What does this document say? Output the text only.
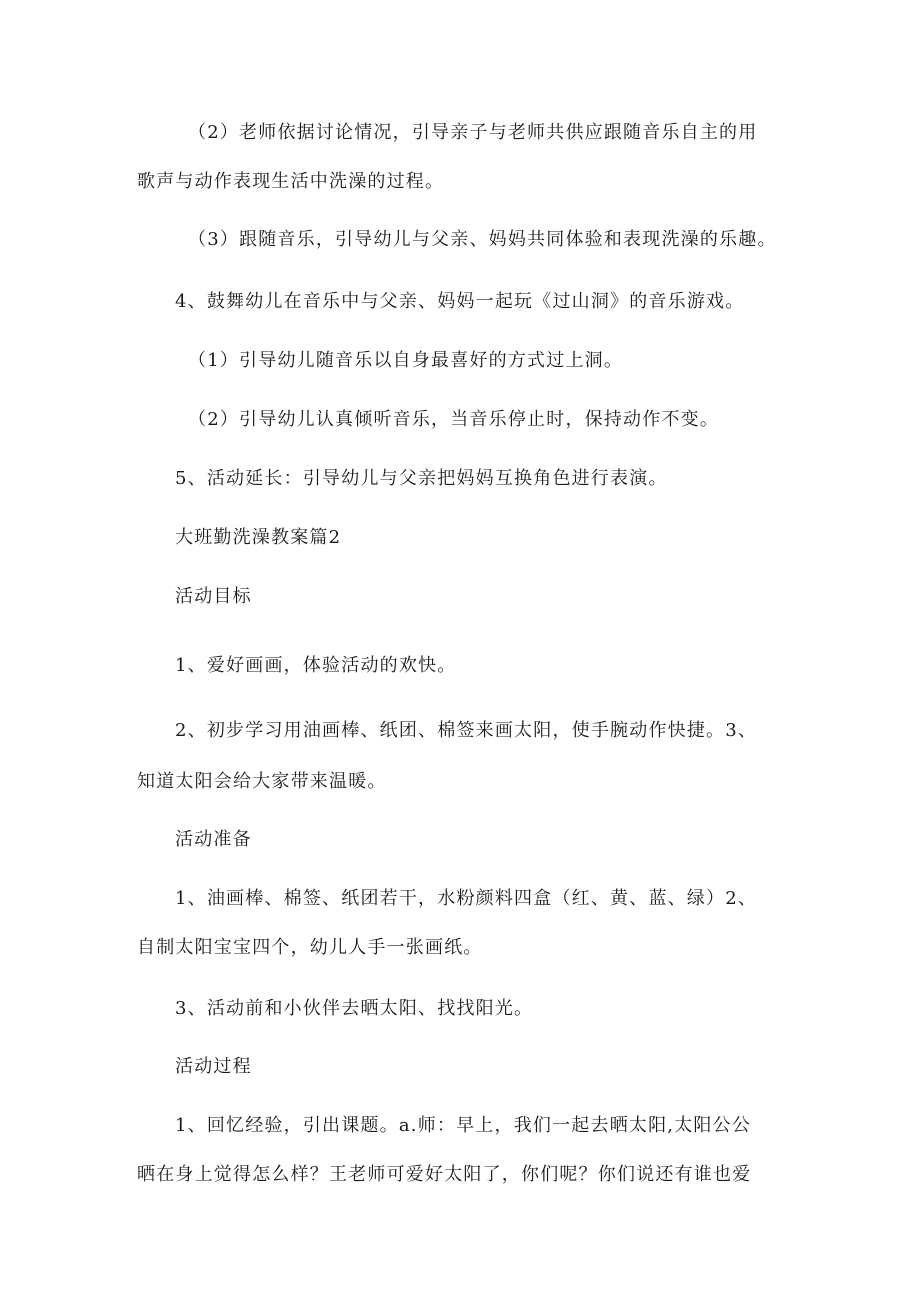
（2）老师依据讨论情况，引导亲子与老师共供应跟随音乐自主的用
歌声与动作表现生活中洗澡的过程。
（3）跟随音乐，引导幼儿与父亲、妈妈共同体验和表现洗澡的乐趣。
4、鼓舞幼儿在音乐中与父亲、妈妈一起玩《过山洞》的音乐游戏。
（1）引导幼儿随音乐以自身最喜好的方式过上洞。
（2）引导幼儿认真倾听音乐，当音乐停止时，保持动作不变。
5、活动延长：引导幼儿与父亲把妈妈互换角色进行表演。
大班勤洗澡教案篇2
活动目标
1、爱好画画，体验活动的欢快。
2、初步学习用油画棒、纸团、棉签来画太阳，使手腕动作快捷。3、
知道太阳会给大家带来温暖。
活动准备
1、油画棒、棉签、纸团若干，水粉颜料四盒（红、黄、蓝、绿）2、
自制太阳宝宝四个，幼儿人手一张画纸。
3、活动前和小伙伴去晒太阳、找找阳光。
活动过程
1、回忆经验，引出课题。a.师：早上，我们一起去晒太阳,太阳公公
晒在身上觉得怎么样？王老师可爱好太阳了，你们呢？你们说还有谁也爱
